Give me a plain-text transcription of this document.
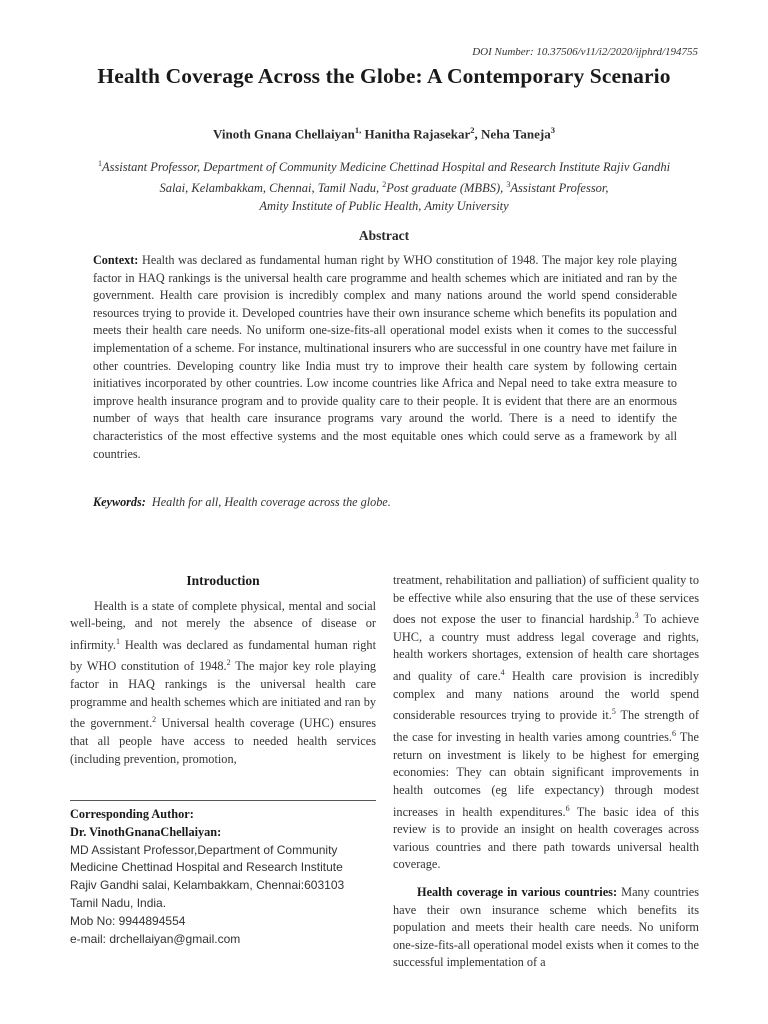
DOI Number: 10.37506/v11/i2/2020/ijphrd/194755
Health Coverage Across the Globe: A Contemporary Scenario
Vinoth Gnana Chellaiyan$^{1,}$ Hanitha Rajasekar$^2$, Neha Taneja$^3$
$^1$Assistant Professor, Department of Community Medicine Chettinad Hospital and Research Institute Rajiv Gandhi
Salai, Kelambakkam, Chennai, Tamil Nadu, $^2$Post graduate (MBBS), $^3$Assistant Professor,
Amity Institute of Public Health, Amity University
Abstract
Context: Health was declared as fundamental human right by WHO constitution of 1948. The major key role playing factor in HAQ rankings is the universal health care programme and health schemes which are initiated and ran by the government. Health care provision is incredibly complex and many nations around the world spend considerable resources trying to provide it. Developed countries have their own insurance scheme which benefits its population and meets their health care needs. No uniform one-size-fits-all operational model exists when it comes to the successful implementation of a scheme. For instance, multinational insurers who are successful in one country have met failure in other countries. Developing country like India must try to improve their health care system by following certain initiatives incorporated by other countries. Low income countries like Africa and Nepal need to take extra measure to improve health insurance program and to provide quality care to their people. It is evident that there are an enormous number of ways that health care insurance programs vary around the world. There is a need to identify the characteristics of the most effective systems and the most equitable ones which could serve as a framework by all countries.
Keywords: Health for all, Health coverage across the globe.
Introduction

Health is a state of complete physical, mental and social well-being, and not merely the absence of disease or infirmity.$^1$ Health was declared as fundamental human right by WHO constitution of 1948.$^2$ The major key role playing factor in HAQ rankings is the universal health care programme and health schemes which are initiated and ran by the government.$^2$ Universal health coverage (UHC) ensures that all people have access to needed health services (including prevention, promotion,

Corresponding Author:
Dr. VinothGnanaChellaiyan:
MD Assistant Professor,Department of Community
Medicine Chettinad Hospital and Research Institute
Rajiv Gandhi salai, Kelambakkam, Chennai:603103
Tamil Nadu, India.
Mob No: 9944894554
e-mail: drchellaiyan@gmail.com

treatment, rehabilitation and palliation) of sufficient quality to be effective while also ensuring that the use of these services does not expose the user to financial hardship.$^3$ To achieve UHC, a country must address legal coverage and rights, health workers shortages, extension of health care shortages and quality of care.$^4$ Health care provision is incredibly complex and many nations around the world spend considerable resources trying to provide it.$^5$ The strength of the case for investing in health varies among countries.$^6$ The return on investment is likely to be highest for emerging economies: They can obtain significant improvements in health outcomes (eg life expectancy) through modest increases in health expenditures.$^6$ The basic idea of this review is to provide an insight on health coverages across various countries and there path towards universal health coverage.

Health coverage in various countries: Many countries have their own insurance scheme which benefits its population and meets their health care needs. No uniform one-size-fits-all operational model exists when it comes to the successful implementation of a
